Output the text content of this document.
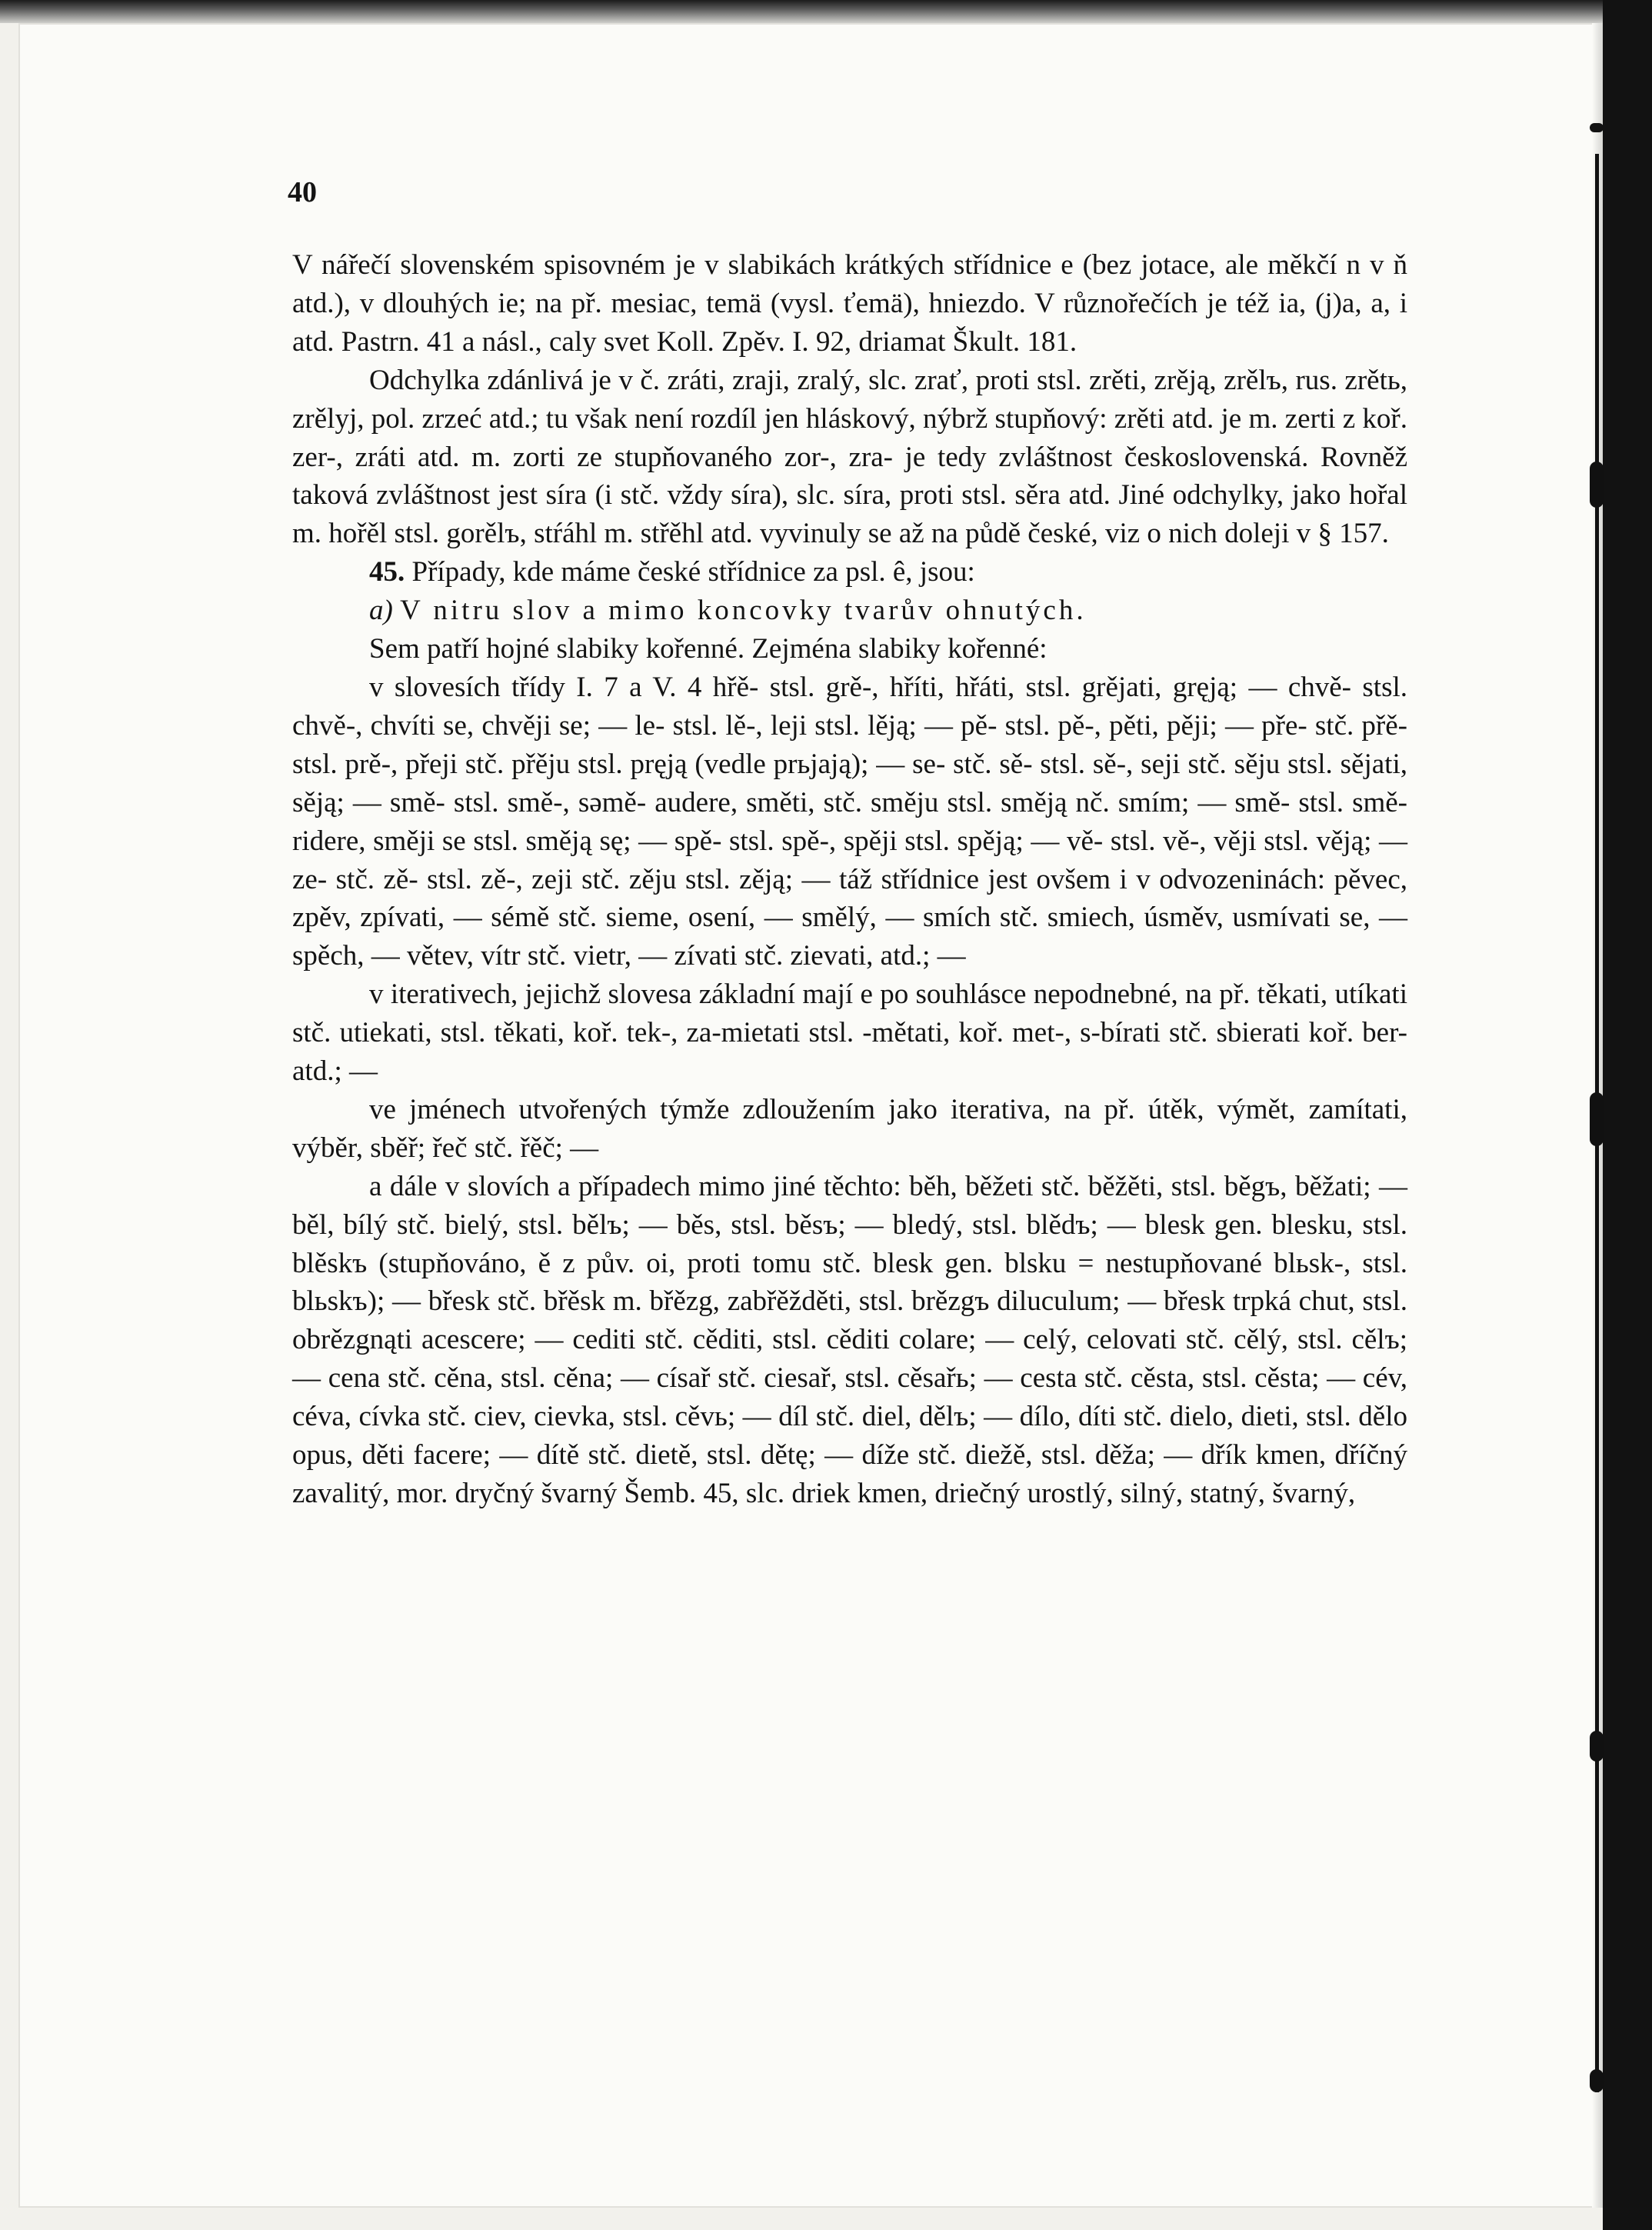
40

V nářečí slovenském spisovném je v slabikách krátkých střídnice e (bez jotace, ale měkčí n v ň atd.), v dlouhých ie; na př. mesiac, temä (vysl. ťemä), hniezdo. V různořečích je též ia, (j)a, a, i atd. Pastrn. 41 a násl., caly svet Koll. Zpěv. I. 92, driamat Škult. 181.

Odchylka zdánlivá je v č. zráti, zraji, zralý, slc. zrať, proti stsl. zrěti, zrěją, zrělъ, rus. zrětь, zrělyj, pol. zrzeć atd.; tu však není rozdíl jen hláskový, nýbrž stupňový: zrěti atd. je m. zerti z koř. zer-, zráti atd. m. zorti ze stupňovaného zor-, zra- je tedy zvláštnost československá. Rovněž taková zvláštnost jest síra (i stč. vždy síra), slc. síra, proti stsl. sěra atd. Jiné odchylky, jako hořal m. hořěl stsl. gorělъ, stŕáhl m. střěhl atd. vyvinuly se až na půdě české, viz o nich doleji v § 157.

45. Případy, kde máme české střídnice za psl. ê, jsou:

a) V nitru slov a mimo koncovky tvarův ohnutých.

Sem patří hojné slabiky kořenné. Zejména slabiky kořenné:

v slovesích třídy I. 7 a V. 4 hřě- stsl. grě-, hříti, hřáti, stsl. grějati, gręją; — chvě- stsl. chvě-, chvíti se, chvěji se; — le- stsl. lě-, leji stsl. lěją; — pě- stsl. pě-, pěti, pěji; — pře- stč. přě- stsl. prě-, přeji stč. přěju stsl. pręją (vedle prьjają); — se- stč. sě- stsl. sě-, seji stč. sěju stsl. sějati, sěją; — smě- stsl. smě-, səmě- audere, směti, stč. směju stsl. směją nč. smím; — smě- stsl. smě- ridere, směji se stsl. směją sę; — spě- stsl. spě-, spěji stsl. spěją; — vě- stsl. vě-, věji stsl. věją; — ze- stč. zě- stsl. zě-, zeji stč. zěju stsl. zěją; — táž střídnice jest ovšem i v odvozeninách: pěvec, zpěv, zpívati, — sémě stč. sieme, osení, — smělý, — smích stč. smiech, úsměv, usmívati se, — spěch, — větev, vítr stč. vietr, — zívati stč. zievati, atd.; —

v iterativech, jejichž slovesa základní mají e po souhlásce nepodnebné, na př. těkati, utíkati stč. utiekati, stsl. těkati, koř. tek-, za-mietati stsl. -mětati, koř. met-, s-bírati stč. sbierati koř. ber- atd.; —

ve jménech utvořených týmže zdloužením jako iterativa, na př. útěk, výmět, zamítati, výběr, sběř; řeč stč. řěč; —

a dále v slovích a případech mimo jiné těchto: běh, běžeti stč. běžěti, stsl. běgъ, běžati; — běl, bílý stč. bielý, stsl. bělъ; — běs, stsl. běsъ; — bledý, stsl. blědъ; — blesk gen. blesku, stsl. blěskъ (stupňováno, ě z pův. oi, proti tomu stč. blesk gen. blsku = nestupňované blьsk-, stsl. blьskъ); — břesk stč. břěsk m. břězg, zabřěžděti, stsl. brězgъ diluculum; — břesk trpká chut, stsl. obrězgnąti acescere; — cediti stč. cěditi, stsl. cěditi colare; — celý, celovati stč. cělý, stsl. cělъ; — cena stč. cěna, stsl. cěna; — císař stč. ciesař, stsl. cěsařь; — cesta stč. cěsta, stsl. cěsta; — cév, céva, cívka stč. ciev, cievka, stsl. cěvь; — díl stč. diel, dělъ; — dílo, díti stč. dielo, dieti, stsl. dělo opus, děti facere; — dítě stč. dietě, stsl. dětę; — díže stč. diežě, stsl. děža; — dřík kmen, dříčný zavalitý, mor. dryčný švarný Šemb. 45, slc. driek kmen, driečný urostlý, silný, statný, švarný,
